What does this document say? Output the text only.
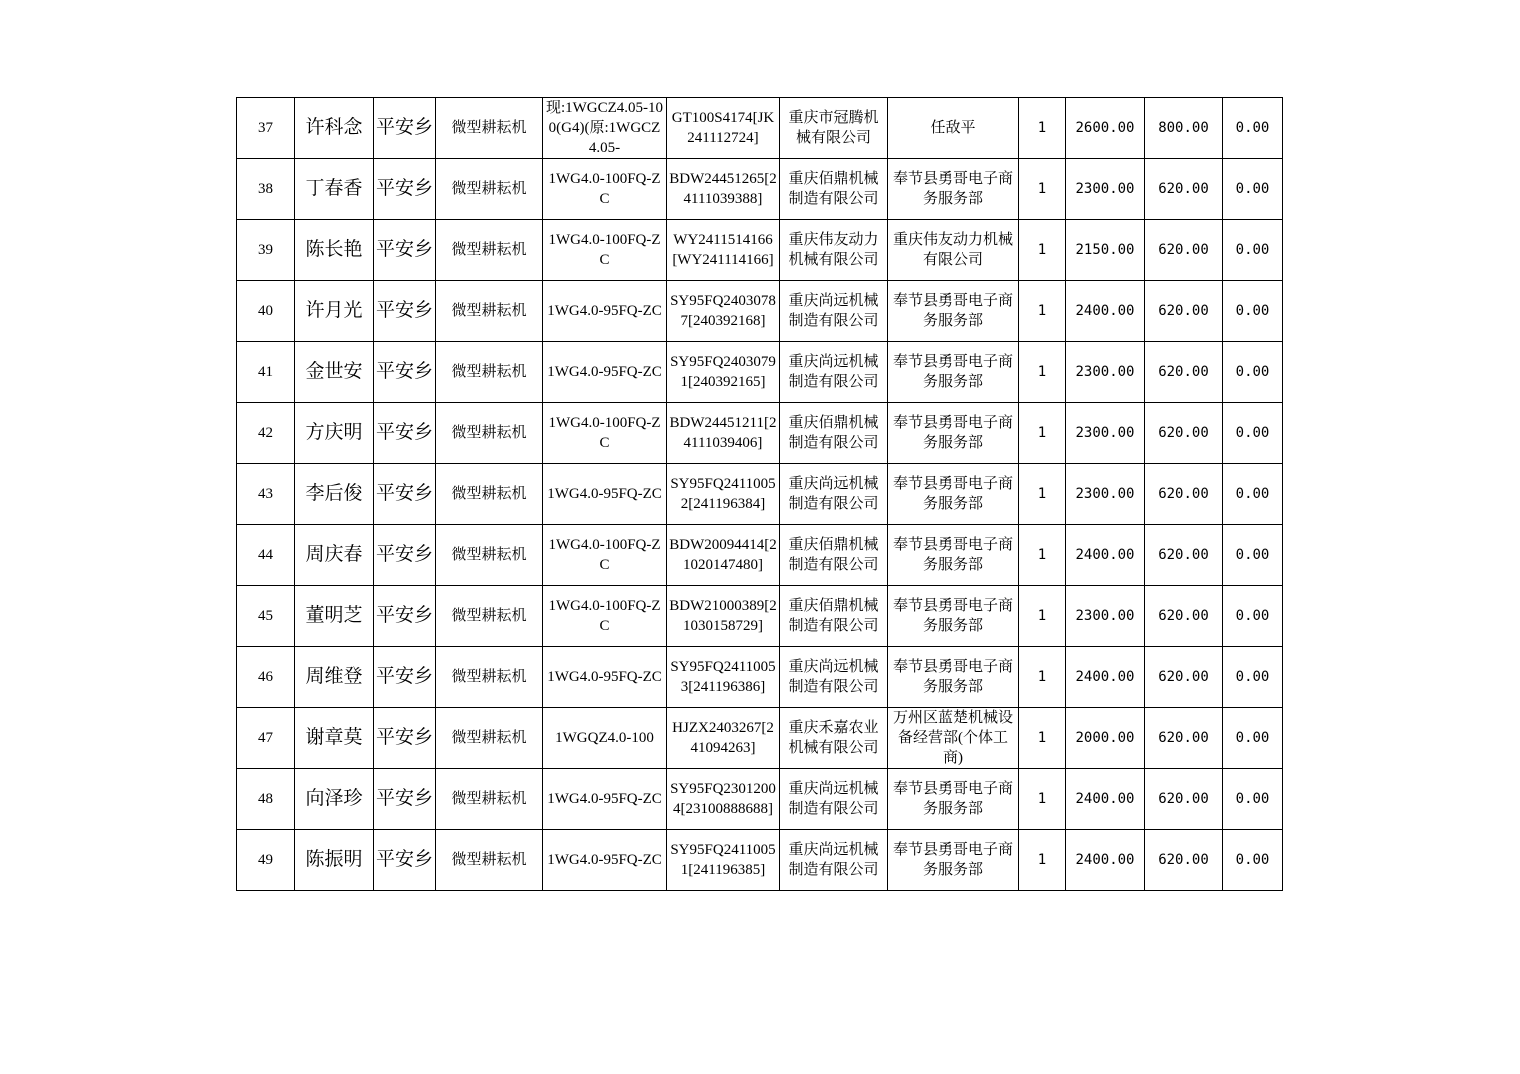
37	许科念	平安乡	微型耕耘机	现:1WGCZ4.05-100(G4)(原:1WGCZ4.05-	GT100S4174[JK241112724]	重庆市冠腾机械有限公司	任敌平	1	2600.00	800.00	0.00
38	丁春香	平安乡	微型耕耘机	1WG4.0-100FQ-ZC	BDW24451265[24111039388]	重庆佰鼎机械制造有限公司	奉节县勇哥电子商务服务部	1	2300.00	620.00	0.00
39	陈长艳	平安乡	微型耕耘机	1WG4.0-100FQ-ZC	WY2411514166[WY241114166]	重庆伟友动力机械有限公司	重庆伟友动力机械有限公司	1	2150.00	620.00	0.00
40	许月光	平安乡	微型耕耘机	1WG4.0-95FQ-ZC	SY95FQ24030787[240392168]	重庆尚远机械制造有限公司	奉节县勇哥电子商务服务部	1	2400.00	620.00	0.00
41	金世安	平安乡	微型耕耘机	1WG4.0-95FQ-ZC	SY95FQ24030791[240392165]	重庆尚远机械制造有限公司	奉节县勇哥电子商务服务部	1	2300.00	620.00	0.00
42	方庆明	平安乡	微型耕耘机	1WG4.0-100FQ-ZC	BDW24451211[24111039406]	重庆佰鼎机械制造有限公司	奉节县勇哥电子商务服务部	1	2300.00	620.00	0.00
43	李后俊	平安乡	微型耕耘机	1WG4.0-95FQ-ZC	SY95FQ24110052[241196384]	重庆尚远机械制造有限公司	奉节县勇哥电子商务服务部	1	2300.00	620.00	0.00
44	周庆春	平安乡	微型耕耘机	1WG4.0-100FQ-ZC	BDW20094414[21020147480]	重庆佰鼎机械制造有限公司	奉节县勇哥电子商务服务部	1	2400.00	620.00	0.00
45	董明芝	平安乡	微型耕耘机	1WG4.0-100FQ-ZC	BDW21000389[21030158729]	重庆佰鼎机械制造有限公司	奉节县勇哥电子商务服务部	1	2300.00	620.00	0.00
46	周维登	平安乡	微型耕耘机	1WG4.0-95FQ-ZC	SY95FQ24110053[241196386]	重庆尚远机械制造有限公司	奉节县勇哥电子商务服务部	1	2400.00	620.00	0.00
47	谢章莫	平安乡	微型耕耘机	1WGQZ4.0-100	HJZX2403267[241094263]	重庆禾嘉农业机械有限公司	万州区蓝楚机械设备经营部(个体工商)	1	2000.00	620.00	0.00
48	向泽珍	平安乡	微型耕耘机	1WG4.0-95FQ-ZC	SY95FQ23012004[23100888688]	重庆尚远机械制造有限公司	奉节县勇哥电子商务服务部	1	2400.00	620.00	0.00
49	陈振明	平安乡	微型耕耘机	1WG4.0-95FQ-ZC	SY95FQ24110051[241196385]	重庆尚远机械制造有限公司	奉节县勇哥电子商务服务部	1	2400.00	620.00	0.00
